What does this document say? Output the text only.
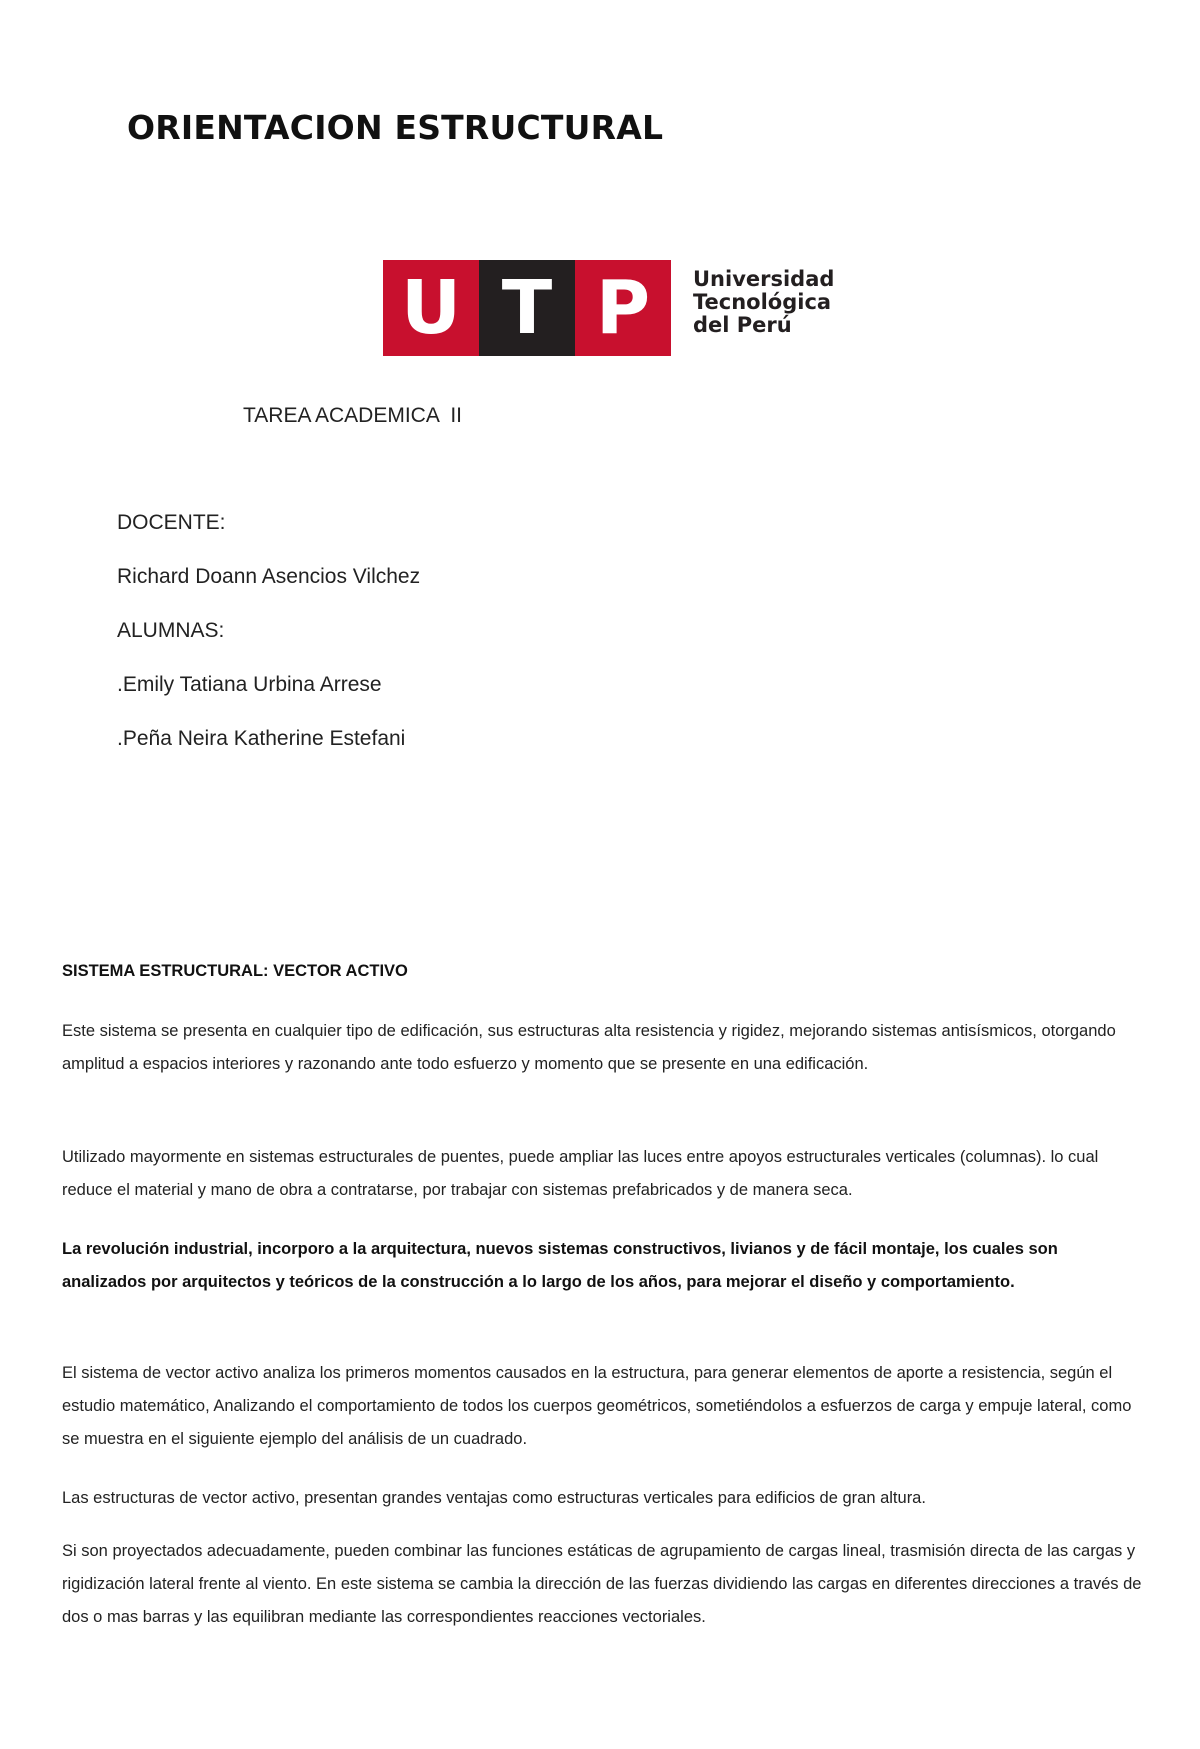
ORIENTACION ESTRUCTURAL
U T P	Universidad
Tecnológica
del Perú
TAREA ACADEMICA  II
DOCENTE:
Richard Doann Asencios Vilchez
ALUMNAS:
.Emily Tatiana Urbina Arrese
.Peña Neira Katherine Estefani
SISTEMA ESTRUCTURAL: VECTOR ACTIVO

Este sistema se presenta en cualquier tipo de edificación, sus estructuras alta resistencia y rigidez, mejorando sistemas antisísmicos, otorgando amplitud a espacios interiores y razonando ante todo esfuerzo y momento que se presente en una edificación.

Utilizado mayormente en sistemas estructurales de puentes, puede ampliar las luces entre apoyos estructurales verticales (columnas). lo cual reduce el material y mano de obra a contratarse, por trabajar con sistemas prefabricados y de manera seca.

La revolución industrial, incorporo a la arquitectura, nuevos sistemas constructivos, livianos y de fácil montaje, los cuales son analizados por arquitectos y teóricos de la construcción a lo largo de los años, para mejorar el diseño y comportamiento.

El sistema de vector activo analiza los primeros momentos causados en la estructura, para generar elementos de aporte a resistencia, según el estudio matemático, Analizando el comportamiento de todos los cuerpos geométricos, sometiéndolos a esfuerzos de carga y empuje lateral, como se muestra en el siguiente ejemplo del análisis de un cuadrado.

Las estructuras de vector activo, presentan grandes ventajas como estructuras verticales para edificios de gran altura.

Si son proyectados adecuadamente, pueden combinar las funciones estáticas de agrupamiento de cargas lineal, trasmisión directa de las cargas y rigidización lateral frente al viento. En este sistema se cambia la dirección de las fuerzas dividiendo las cargas en diferentes direcciones a través de dos o mas barras y las equilibran mediante las correspondientes reacciones vectoriales.
